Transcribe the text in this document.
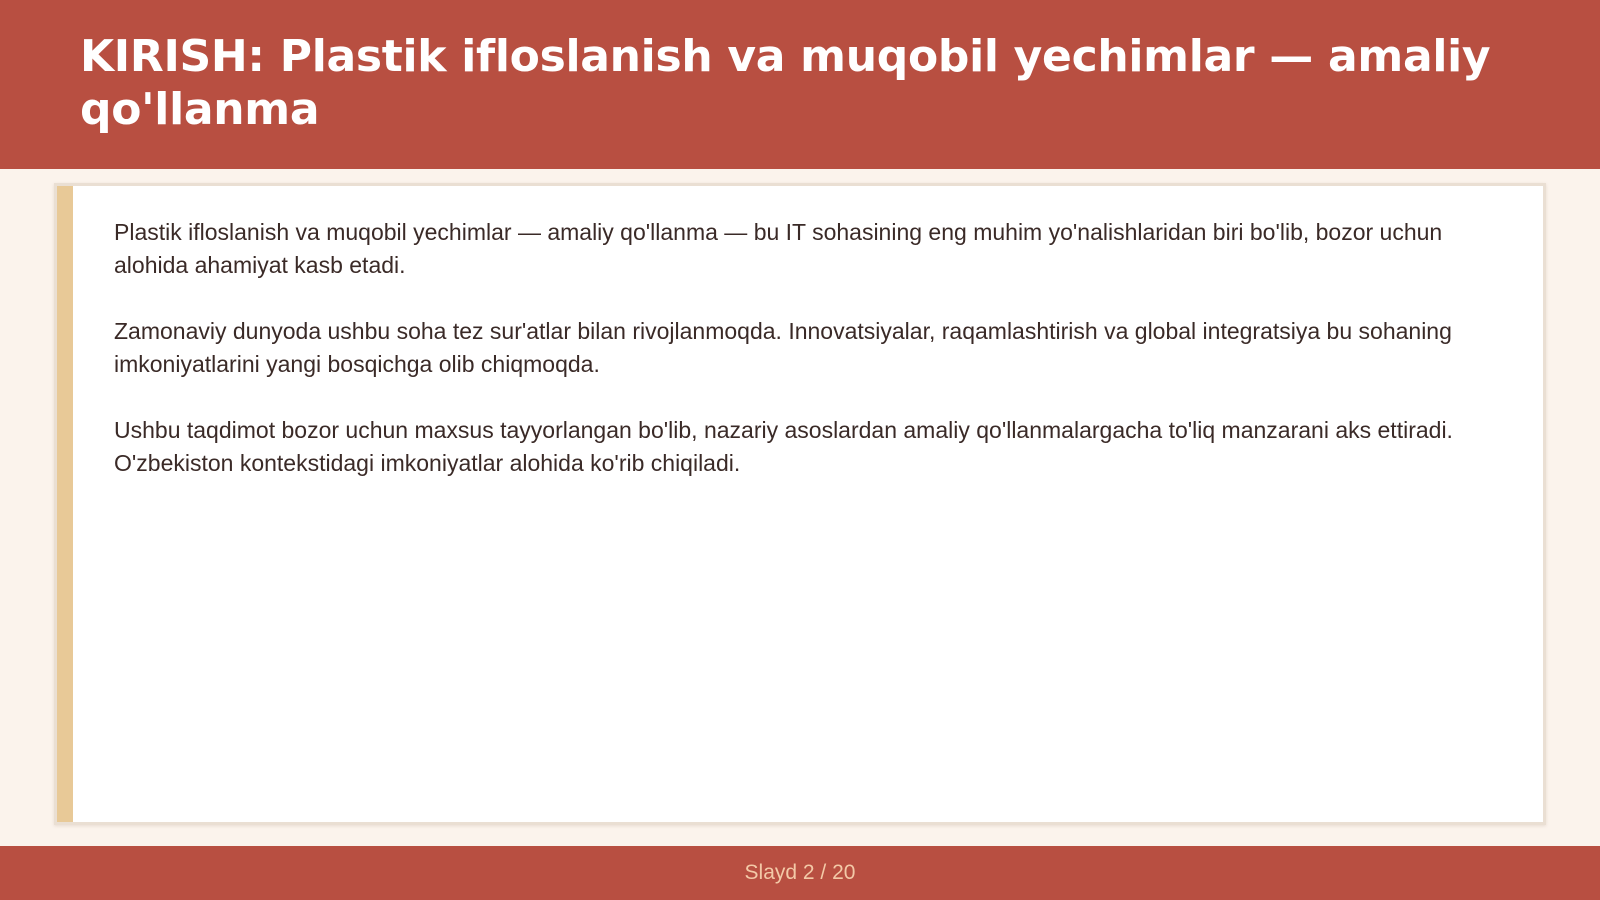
KIRISH: Plastik ifloslanish va muqobil yechimlar — amaliy qo'llanma

Plastik ifloslanish va muqobil yechimlar — amaliy qo'llanma — bu IT sohasining eng muhim yo'nalishlaridan biri bo'lib, bozor uchun alohida ahamiyat kasb etadi.

Zamonaviy dunyoda ushbu soha tez sur'atlar bilan rivojlanmoqda. Innovatsiyalar, raqamlashtirish va global integratsiya bu sohaning imkoniyatlarini yangi bosqichga olib chiqmoqda.

Ushbu taqdimot bozor uchun maxsus tayyorlangan bo'lib, nazariy asoslardan amaliy qo'llanmalargacha to'liq manzarani aks ettiradi. O'zbekiston kontekstidagi imkoniyatlar alohida ko'rib chiqiladi.

Slayd 2 / 20
